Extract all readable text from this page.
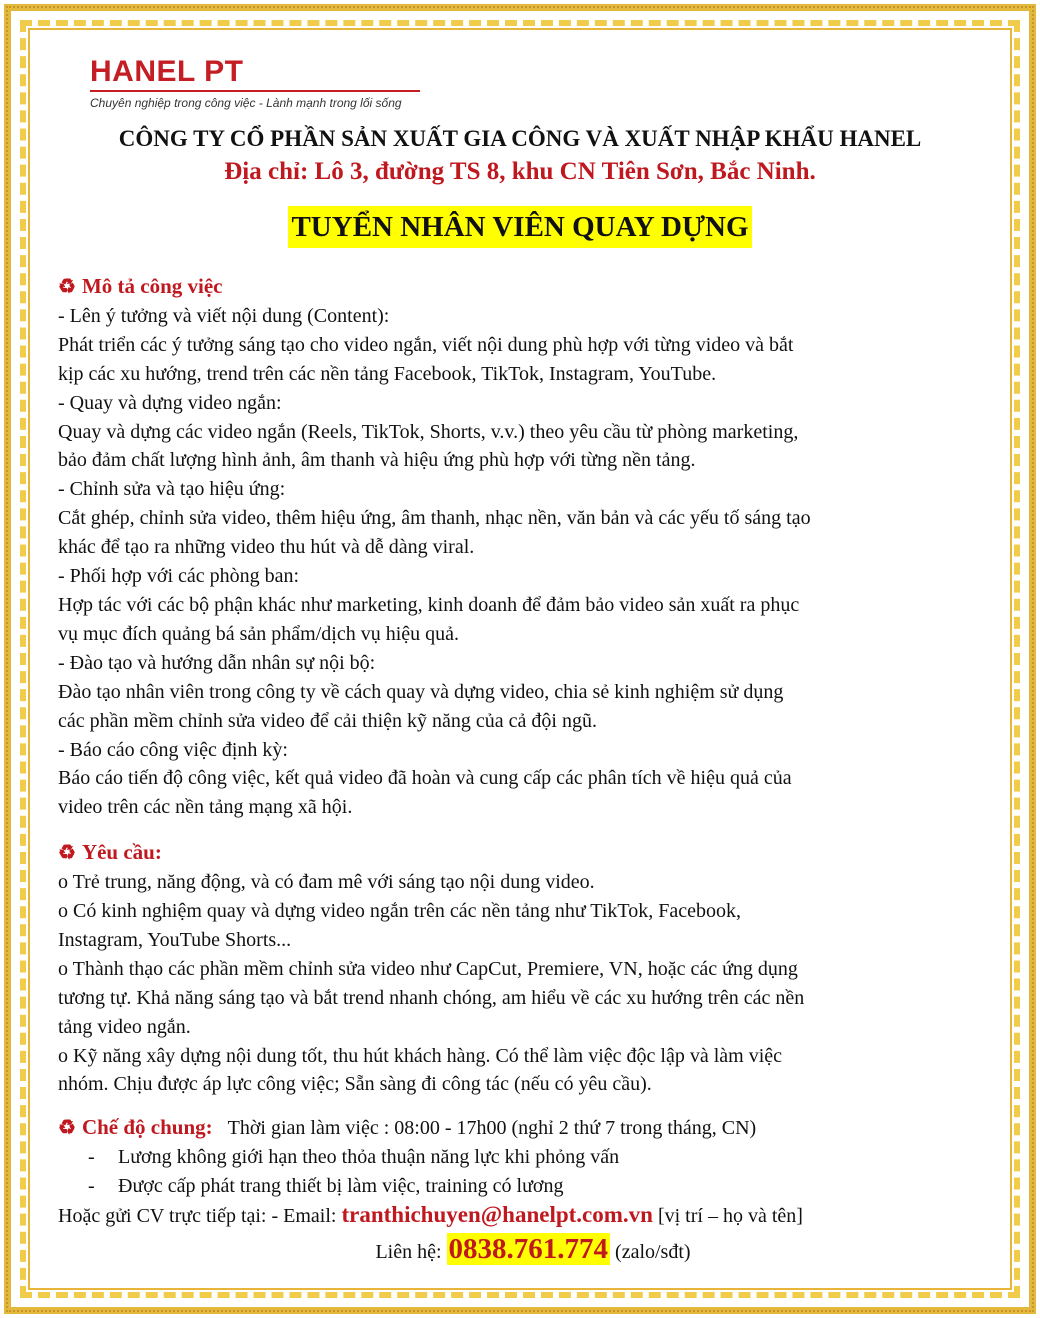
HANEL PT
Chuyên nghiệp trong công việc - Lành mạnh trong lối sống
CÔNG TY CỔ PHẦN SẢN XUẤT GIA CÔNG VÀ XUẤT NHẬP KHẨU HANEL
Địa chỉ: Lô 3, đường TS 8, khu CN Tiên Sơn, Bắc Ninh.
TUYỂN NHÂN VIÊN QUAY DỰNG
♻ Mô tả công việc
- Lên ý tưởng và viết nội dung (Content):
Phát triển các ý tưởng sáng tạo cho video ngắn, viết nội dung phù hợp với từng video và bắt
kịp các xu hướng, trend trên các nền tảng Facebook, TikTok, Instagram, YouTube.
- Quay và dựng video ngắn:
Quay và dựng các video ngắn (Reels, TikTok, Shorts, v.v.) theo yêu cầu từ phòng marketing,
bảo đảm chất lượng hình ảnh, âm thanh và hiệu ứng phù hợp với từng nền tảng.
- Chỉnh sửa và tạo hiệu ứng:
Cắt ghép, chỉnh sửa video, thêm hiệu ứng, âm thanh, nhạc nền, văn bản và các yếu tố sáng tạo
khác để tạo ra những video thu hút và dễ dàng viral.
- Phối hợp với các phòng ban:
Hợp tác với các bộ phận khác như marketing, kinh doanh để đảm bảo video sản xuất ra phục
vụ mục đích quảng bá sản phẩm/dịch vụ hiệu quả.
- Đào tạo và hướng dẫn nhân sự nội bộ:
Đào tạo nhân viên trong công ty về cách quay và dựng video, chia sẻ kinh nghiệm sử dụng
các phần mềm chỉnh sửa video để cải thiện kỹ năng của cả đội ngũ.
- Báo cáo công việc định kỳ:
Báo cáo tiến độ công việc, kết quả video đã hoàn và cung cấp các phân tích về hiệu quả của
video trên các nền tảng mạng xã hội.
♻ Yêu cầu:
o Trẻ trung, năng động, và có đam mê với sáng tạo nội dung video.
o Có kinh nghiệm quay và dựng video ngắn trên các nền tảng như TikTok, Facebook,
Instagram, YouTube Shorts...
o Thành thạo các phần mềm chỉnh sửa video như CapCut, Premiere, VN, hoặc các ứng dụng
tương tự. Khả năng sáng tạo và bắt trend nhanh chóng, am hiểu về các xu hướng trên các nền
tảng video ngắn.
o Kỹ năng xây dựng nội dung tốt, thu hút khách hàng. Có thể làm việc độc lập và làm việc
nhóm. Chịu được áp lực công việc; Sẵn sàng đi công tác (nếu có yêu cầu).
♻ Chế độ chung: Thời gian làm việc : 08:00 - 17h00 (nghỉ 2 thứ 7 trong tháng, CN)
- Lương không giới hạn theo thỏa thuận năng lực khi phỏng vấn
- Được cấp phát trang thiết bị làm việc, training có lương
Hoặc gửi CV trực tiếp tại: - Email: tranthichuyen@hanelpt.com.vn [vị trí – họ và tên]
Liên hệ: 0838.761.774 (zalo/sđt)
